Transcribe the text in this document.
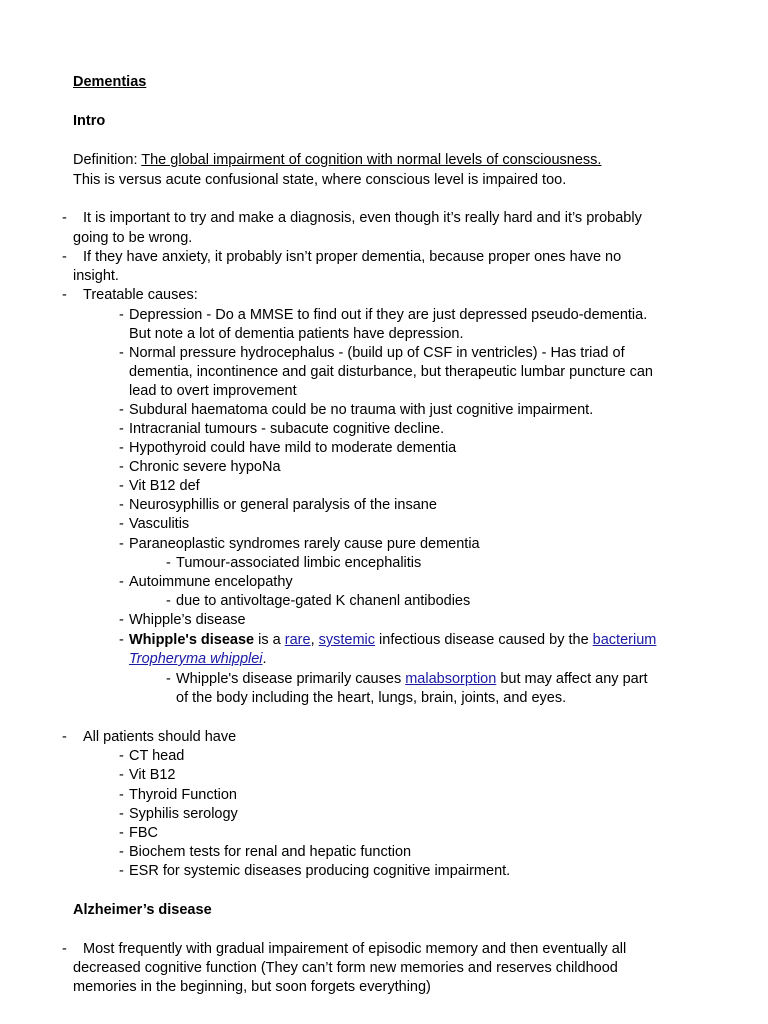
Dementias
Intro
Definition: The global impairment of cognition with normal levels of consciousness.
This is versus acute confusional state, where conscious level is impaired too.
- It is important to try and make a diagnosis, even though it’s really hard and it’s probably
going to be wrong.
- If they have anxiety, it probably isn’t proper dementia, because proper ones have no
insight.
- Treatable causes:
- Depression - Do a MMSE to find out if they are just depressed pseudo-dementia.
But note a lot of dementia patients have depression.
- Normal pressure hydrocephalus - (build up of CSF in ventricles) - Has triad of
dementia, incontinence and gait disturbance, but therapeutic lumbar puncture can
lead to overt improvement
- Subdural haematoma could be no trauma with just cognitive impairment.
- Intracranial tumours - subacute cognitive decline.
- Hypothyroid could have mild to moderate dementia
- Chronic severe hypoNa
- Vit B12 def
- Neurosyphillis or general paralysis of the insane
- Vasculitis
- Paraneoplastic syndromes rarely cause pure dementia
- Tumour-associated limbic encephalitis
- Autoimmune encelopathy
- due to antivoltage-gated K chanenl antibodies
- Whipple’s disease
- Whipple's disease is a rare, systemic infectious disease caused by the bacterium
Tropheryma whipplei.
- Whipple's disease primarily causes malabsorption but may affect any part
of the body including the heart, lungs, brain, joints, and eyes.
- All patients should have
- CT head
- Vit B12
- Thyroid Function
- Syphilis serology
- FBC
- Biochem tests for renal and hepatic function
- ESR for systemic diseases producing cognitive impairment.
Alzheimer’s disease
- Most frequently with gradual impairement of episodic memory and then eventually all
decreased cognitive function (They can’t form new memories and reserves childhood
memories in the beginning, but soon forgets everything)
